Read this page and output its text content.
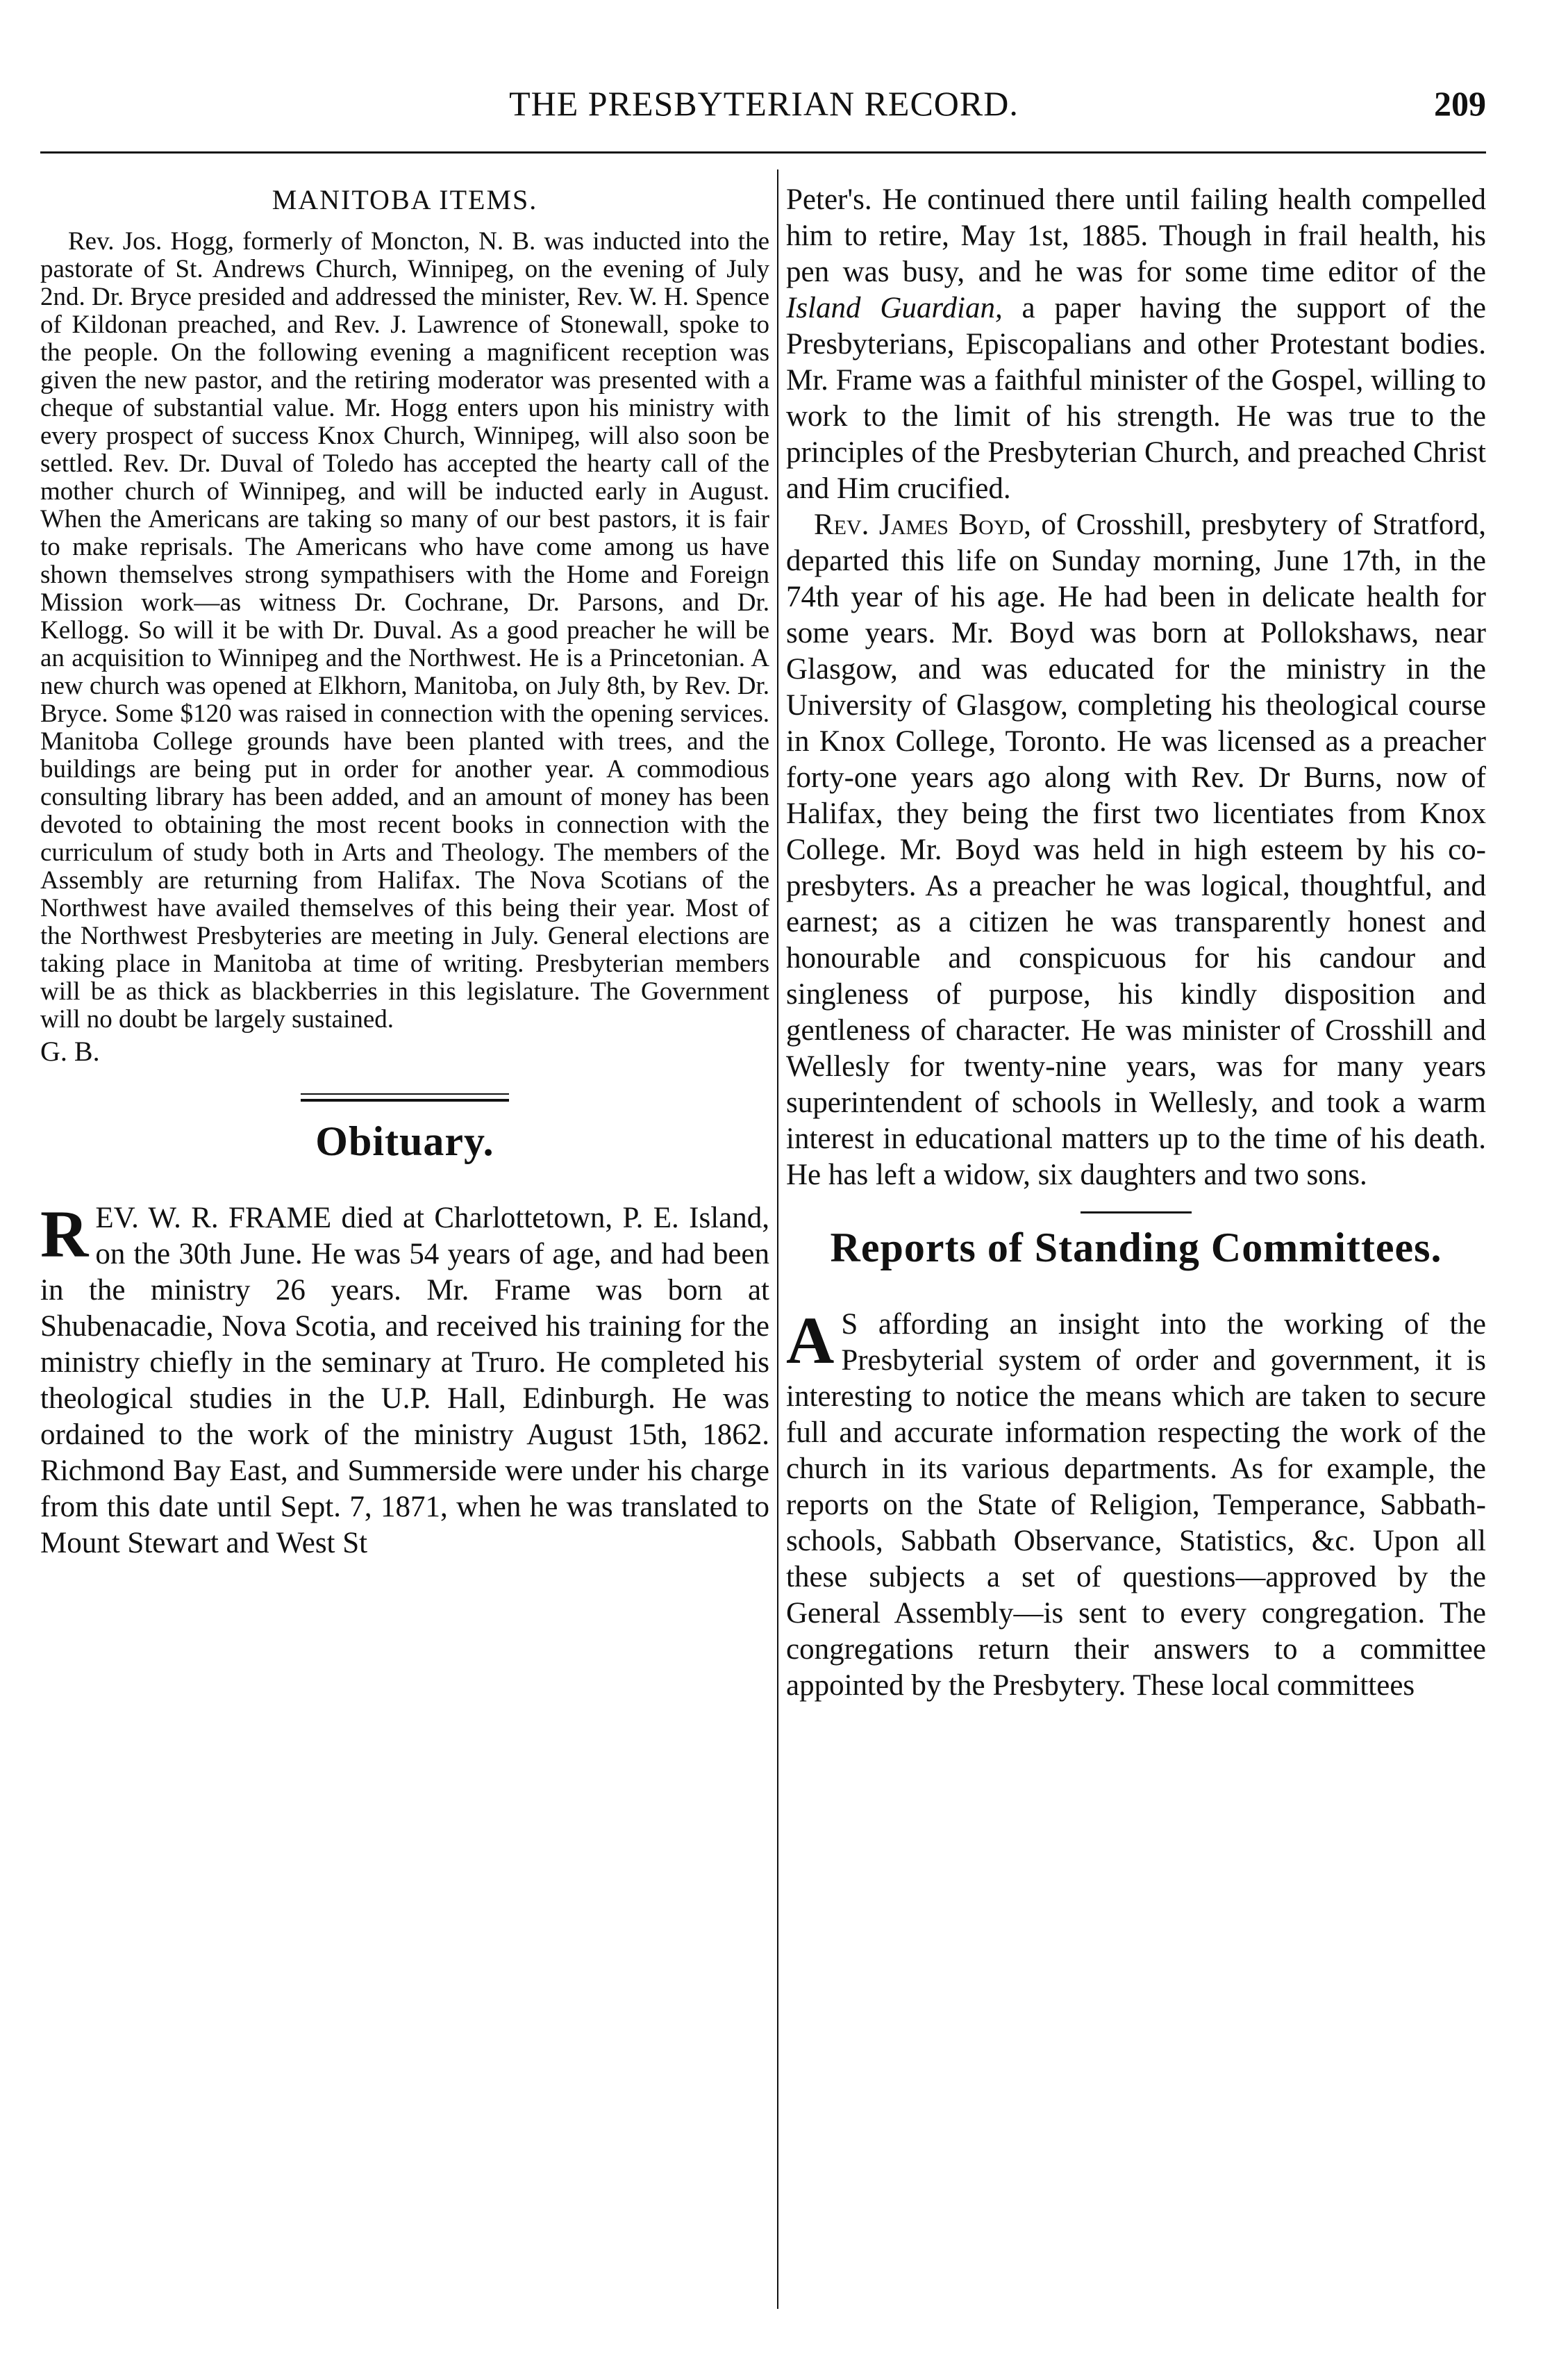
THE PRESBYTERIAN RECORD.	209
MANITOBA ITEMS.

Rev. Jos. Hogg, formerly of Moncton, N. B. was inducted into the pastorate of St. Andrews Church, Winnipeg, on the evening of July 2nd. Dr. Bryce presided and addressed the minister, Rev. W. H. Spence of Kildonan preached, and Rev. J. Lawrence of Stonewall, spoke to the people. On the following evening a magnificent reception was given the new pastor, and the retiring moderator was presented with a cheque of substantial value. Mr. Hogg enters upon his ministry with every prospect of success Knox Church, Winnipeg, will also soon be settled. Rev. Dr. Duval of Toledo has accepted the hearty call of the mother church of Winnipeg, and will be inducted early in August. When the Americans are taking so many of our best pastors, it is fair to make reprisals. The Americans who have come among us have shown themselves strong sympathisers with the Home and Foreign Mission work—as witness Dr. Cochrane, Dr. Parsons, and Dr. Kellogg. So will it be with Dr. Duval. As a good preacher he will be an acquisition to Winnipeg and the Northwest. He is a Princetonian. A new church was opened at Elkhorn, Manitoba, on July 8th, by Rev. Dr. Bryce. Some $120 was raised in connection with the opening services. Manitoba College grounds have been planted with trees, and the buildings are being put in order for another year. A commodious consulting library has been added, and an amount of money has been devoted to obtaining the most recent books in connection with the curriculum of study both in Arts and Theology. The members of the Assembly are returning from Halifax. The Nova Scotians of the Northwest have availed themselves of this being their year. Most of the Northwest Presbyteries are meeting in July. General elections are taking place in Manitoba at time of writing. Presbyterian members will be as thick as blackberries in this legislature. The Government will no doubt be largely sustained.

G. B.

Obituary.

REV. W. R. FRAME died at Charlottetown, P. E. Island, on the 30th June. He was 54 years of age, and had been in the ministry 26 years. Mr. Frame was born at Shubenacadie, Nova Scotia, and received his training for the ministry chiefly in the seminary at Truro. He completed his theological studies in the U.P. Hall, Edinburgh. He was ordained to the work of the ministry August 15th, 1862. Richmond Bay East, and Summerside were under his charge from this date until Sept. 7, 1871, when he was translated to Mount Stewart and West St

Peter's. He continued there until failing health compelled him to retire, May 1st, 1885. Though in frail health, his pen was busy, and he was for some time editor of the Island Guardian, a paper having the support of the Presbyterians, Episcopalians and other Protestant bodies. Mr. Frame was a faithful minister of the Gospel, willing to work to the limit of his strength. He was true to the principles of the Presbyterian Church, and preached Christ and Him crucified.

Rev. James Boyd, of Crosshill, presbytery of Stratford, departed this life on Sunday morning, June 17th, in the 74th year of his age. He had been in delicate health for some years. Mr. Boyd was born at Pollokshaws, near Glasgow, and was educated for the ministry in the University of Glasgow, completing his theological course in Knox College, Toronto. He was licensed as a preacher forty-one years ago along with Rev. Dr Burns, now of Halifax, they being the first two licentiates from Knox College. Mr. Boyd was held in high esteem by his co-presbyters. As a preacher he was logical, thoughtful, and earnest; as a citizen he was transparently honest and honourable and conspicuous for his candour and singleness of purpose, his kindly disposition and gentleness of character. He was minister of Crosshill and Wellesly for twenty-nine years, was for many years superintendent of schools in Wellesly, and took a warm interest in educational matters up to the time of his death. He has left a widow, six daughters and two sons.

Reports of Standing Committees.

A S affording an insight into the working of the Presbyterial system of order and government, it is interesting to notice the means which are taken to secure full and accurate information respecting the work of the church in its various departments. As for example, the reports on the State of Religion, Temperance, Sabbath-schools, Sabbath Observance, Statistics, &c. Upon all these subjects a set of questions—approved by the General Assembly—is sent to every congregation. The congregations return their answers to a committee appointed by the Presbytery. These local committees
